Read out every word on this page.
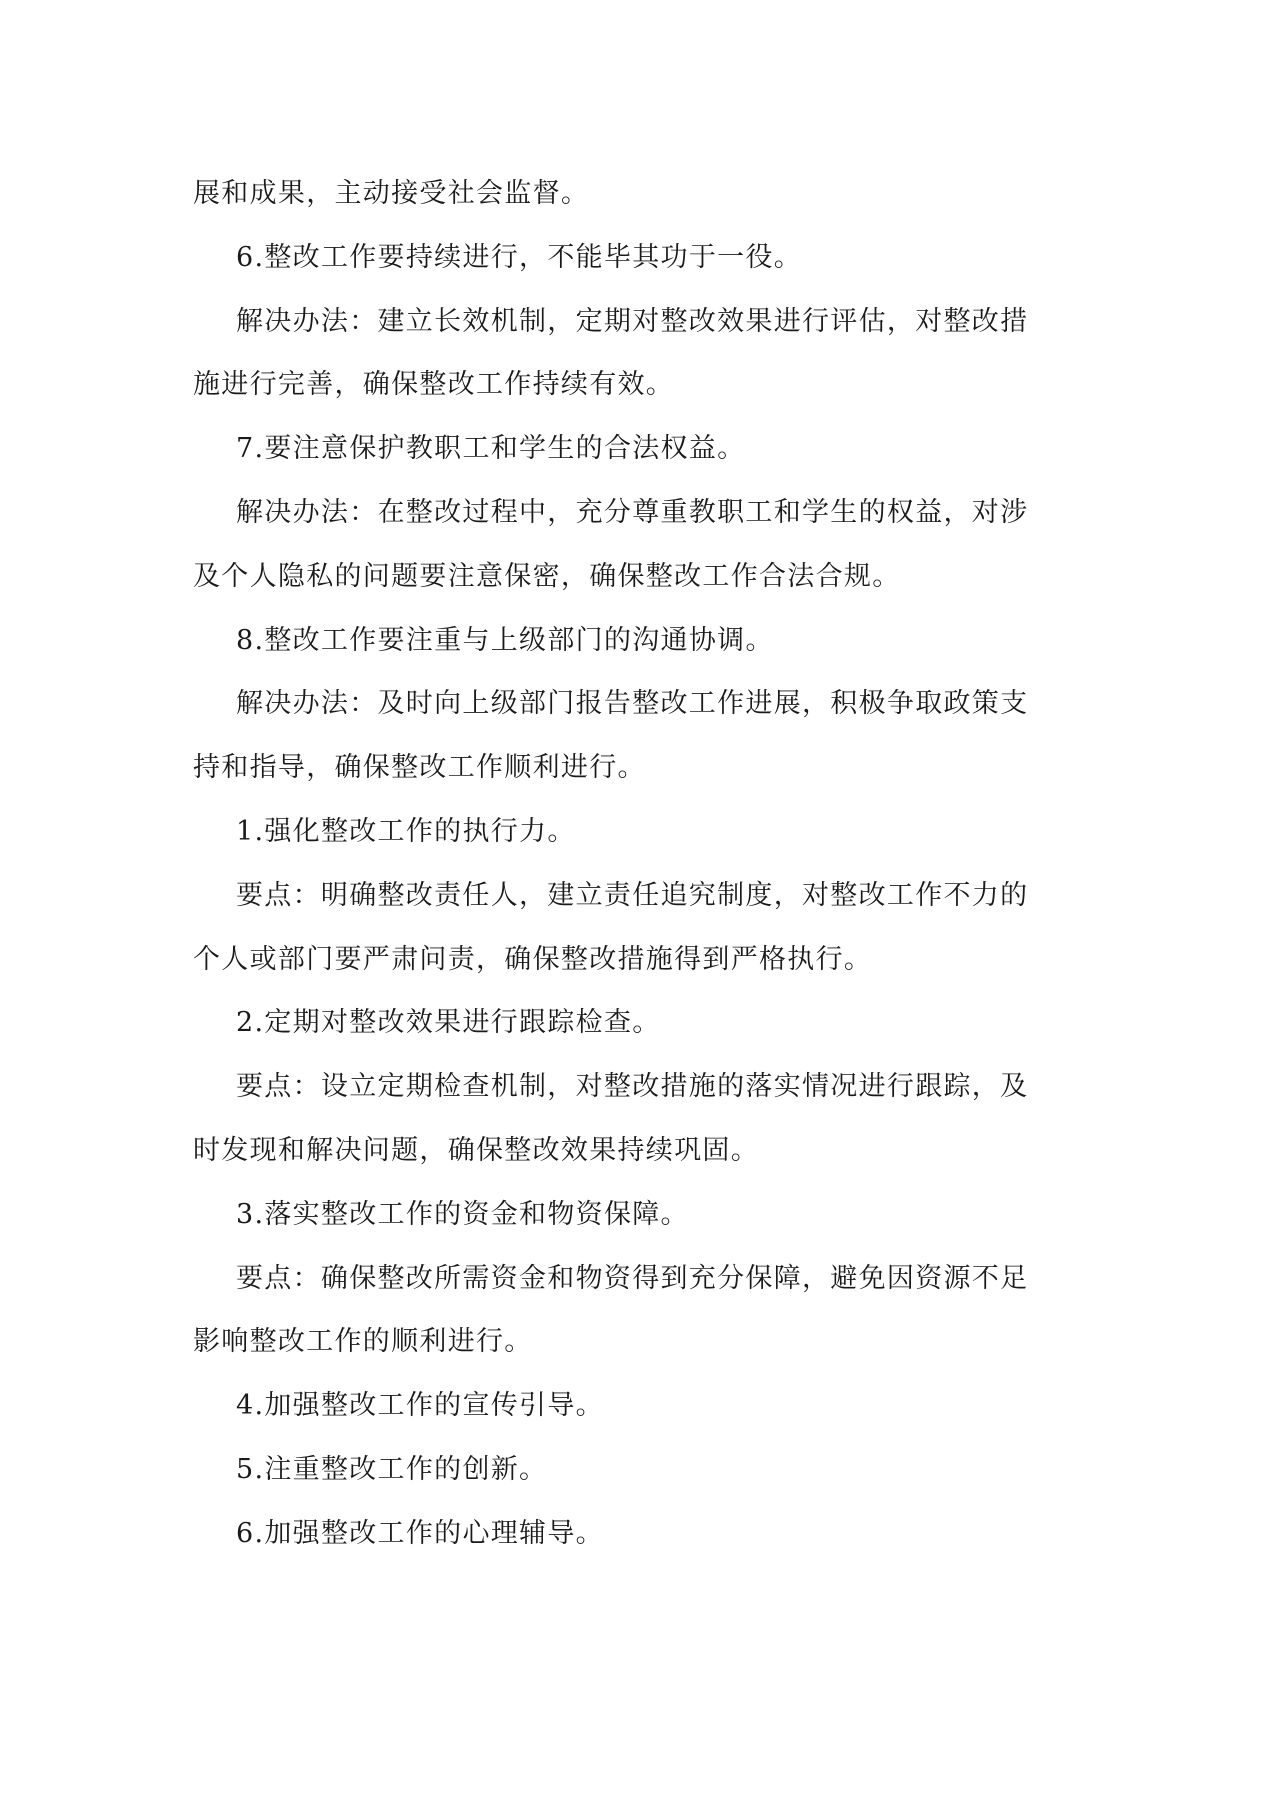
展和成果，主动接受社会监督。

6.整改工作要持续进行，不能毕其功于一役。

解决办法：建立长效机制，定期对整改效果进行评估，对整改措

施进行完善，确保整改工作持续有效。

7.要注意保护教职工和学生的合法权益。

解决办法：在整改过程中，充分尊重教职工和学生的权益，对涉

及个人隐私的问题要注意保密，确保整改工作合法合规。

8.整改工作要注重与上级部门的沟通协调。

解决办法：及时向上级部门报告整改工作进展，积极争取政策支

持和指导，确保整改工作顺利进行。

1.强化整改工作的执行力。

要点：明确整改责任人，建立责任追究制度，对整改工作不力的

个人或部门要严肃问责，确保整改措施得到严格执行。

2.定期对整改效果进行跟踪检查。

要点：设立定期检查机制，对整改措施的落实情况进行跟踪，及

时发现和解决问题，确保整改效果持续巩固。

3.落实整改工作的资金和物资保障。

要点：确保整改所需资金和物资得到充分保障，避免因资源不足

影响整改工作的顺利进行。

4.加强整改工作的宣传引导。

5.注重整改工作的创新。

6.加强整改工作的心理辅导。
